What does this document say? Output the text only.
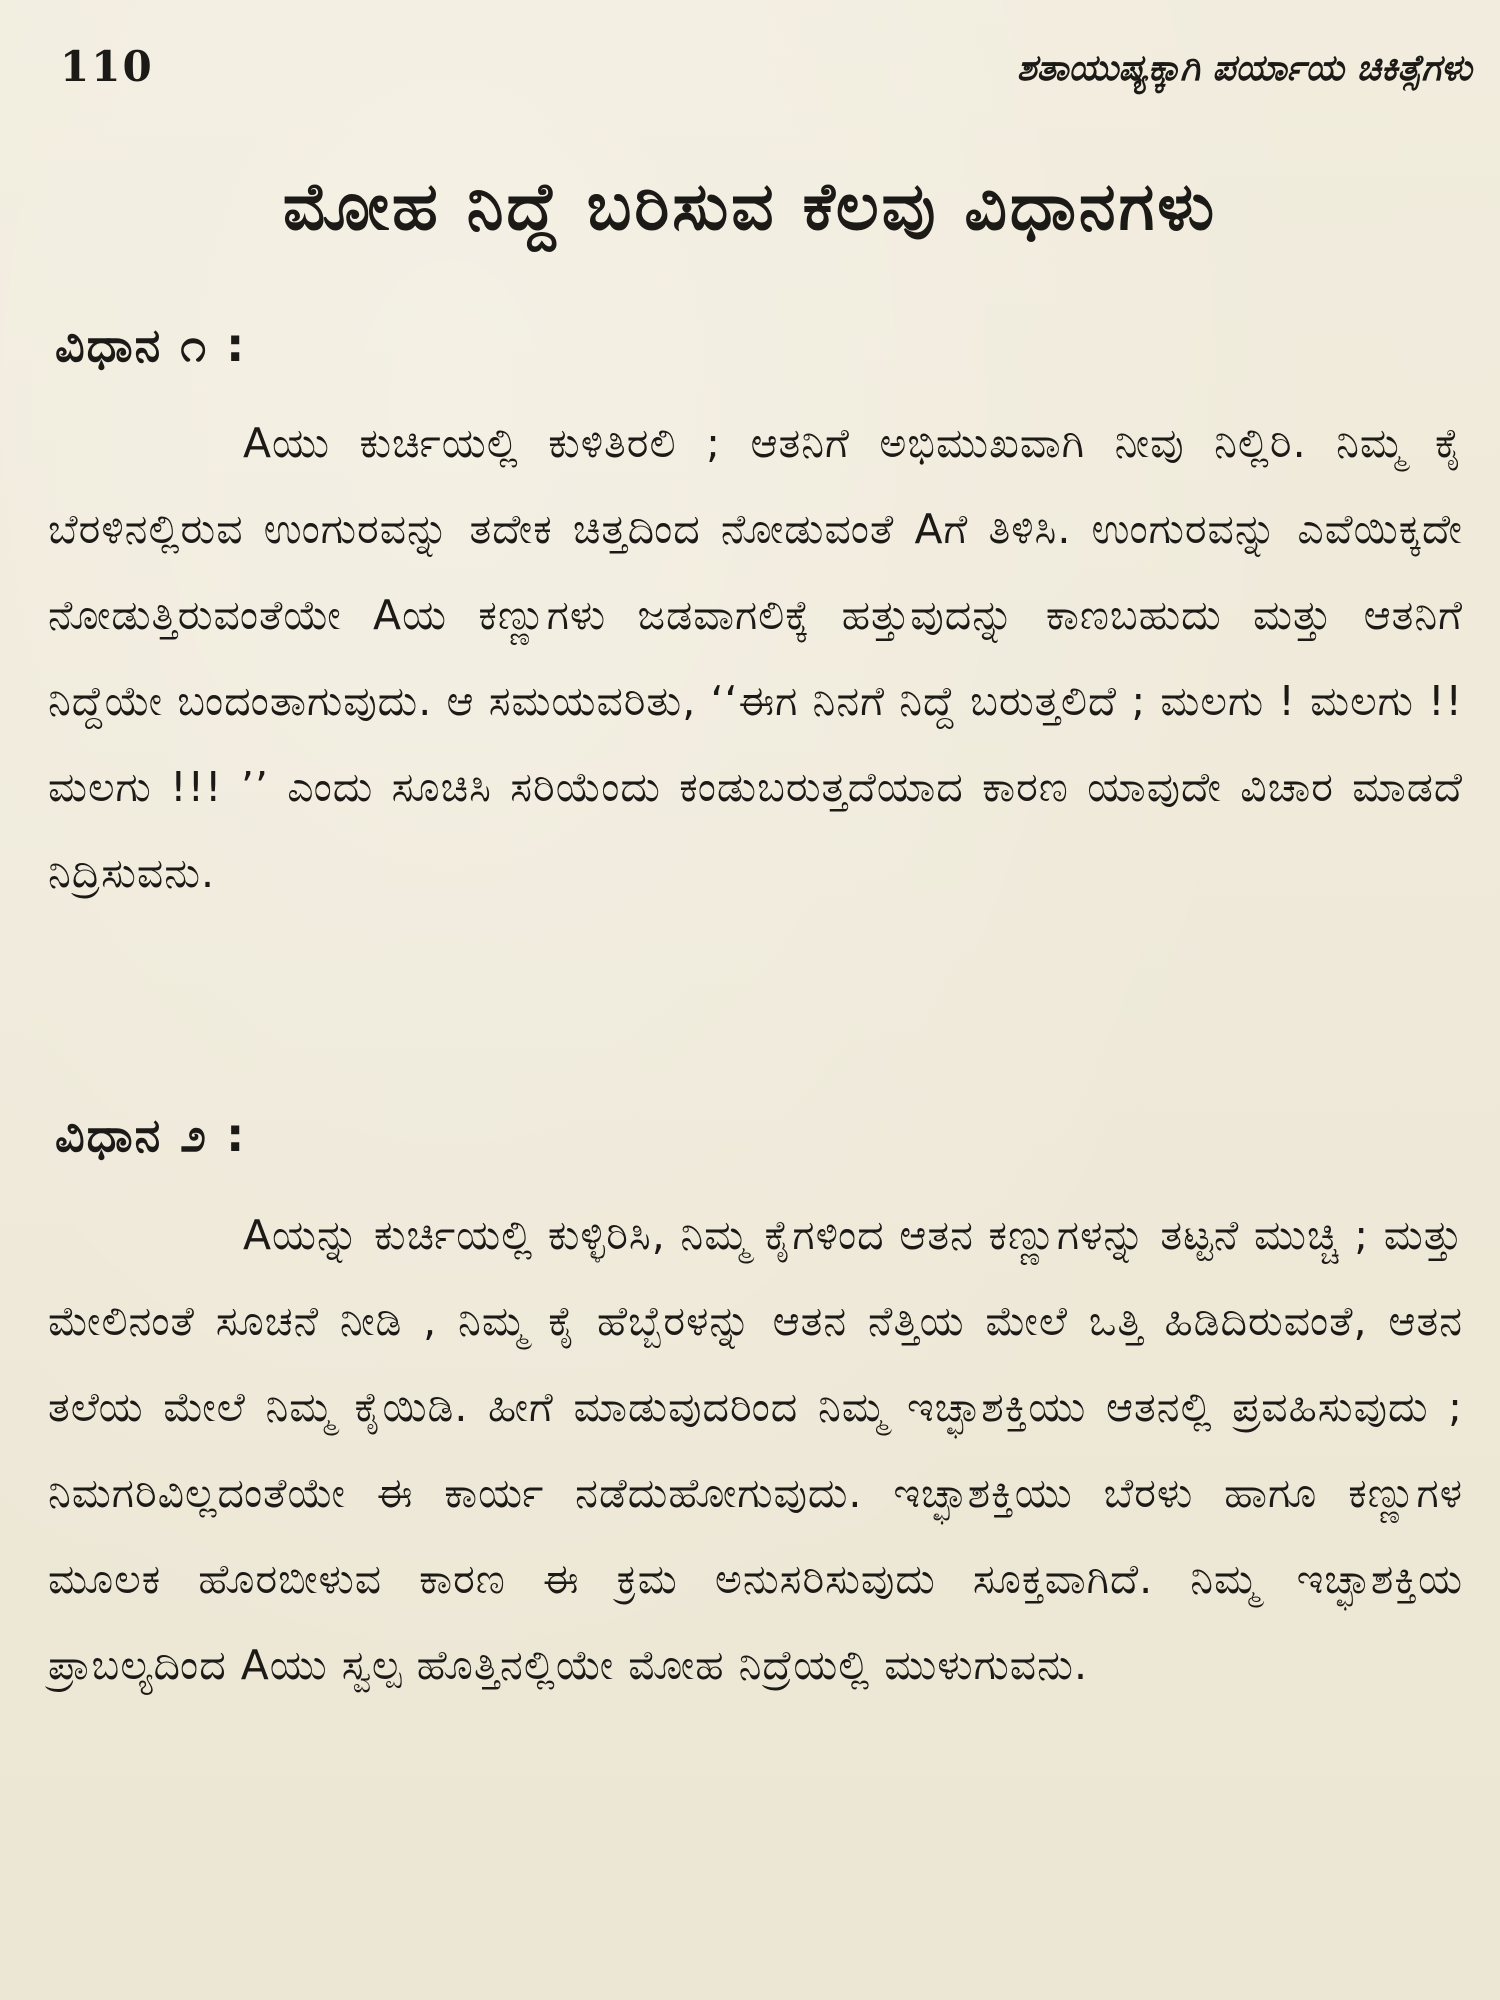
110	ಶತಾಯುಷ್ಯಕ್ಕಾಗಿ ಪರ್ಯಾಯ ಚಿಕಿತ್ಸೆಗಳು
ಮೋಹ ನಿದ್ದೆ ಬರಿಸುವ ಕೆಲವು ವಿಧಾನಗಳು
ವಿಧಾನ ೧ :

Aಯು ಕುರ್ಚಿಯಲ್ಲಿ ಕುಳಿತಿರಲಿ ; ಆತನಿಗೆ ಅಭಿಮುಖವಾಗಿ ನೀವು ನಿಲ್ಲಿರಿ. ನಿಮ್ಮ ಕೈ ಬೆರಳಿನಲ್ಲಿರುವ ಉಂಗುರವನ್ನು ತದೇಕ ಚಿತ್ತದಿಂದ ನೋಡುವಂತೆ Aಗೆ ತಿಳಿಸಿ. ಉಂಗುರವನ್ನು ಎವೆಯಿಕ್ಕದೇ ನೋಡುತ್ತಿರುವಂತೆಯೇ Aಯ ಕಣ್ಣುಗಳು ಜಡವಾಗಲಿಕ್ಕೆ ಹತ್ತುವುದನ್ನು ಕಾಣಬಹುದು ಮತ್ತು ಆತನಿಗೆ ನಿದ್ದೆಯೇ ಬಂದಂತಾಗುವುದು. ಆ ಸಮಯವರಿತು, ‘‘ಈಗ ನಿನಗೆ ನಿದ್ದೆ ಬರುತ್ತಲಿದೆ ; ಮಲಗು ! ಮಲಗು !! ಮಲಗು !!! ’’ ಎಂದು ಸೂಚಿಸಿ ಸರಿಯೆಂದು ಕಂಡುಬರುತ್ತದೆಯಾದ ಕಾರಣ ಯಾವುದೇ ವಿಚಾರ ಮಾಡದೆ ನಿದ್ರಿಸುವನು.

ವಿಧಾನ ೨ :

Aಯನ್ನು ಕುರ್ಚಿಯಲ್ಲಿ ಕುಳ್ಳಿರಿಸಿ, ನಿಮ್ಮ ಕೈಗಳಿಂದ ಆತನ ಕಣ್ಣುಗಳನ್ನು ತಟ್ಟನೆ ಮುಚ್ಚಿ ; ಮತ್ತು ಮೇಲಿನಂತೆ ಸೂಚನೆ ನೀಡಿ , ನಿಮ್ಮ ಕೈ ಹೆಬ್ಬೆರಳನ್ನು ಆತನ ನೆತ್ತಿಯ ಮೇಲೆ ಒತ್ತಿ ಹಿಡಿದಿರುವಂತೆ, ಆತನ ತಲೆಯ ಮೇಲೆ ನಿಮ್ಮ ಕೈಯಿಡಿ. ಹೀಗೆ ಮಾಡುವುದರಿಂದ ನಿಮ್ಮ ಇಚ್ಛಾಶಕ್ತಿಯು ಆತನಲ್ಲಿ ಪ್ರವಹಿಸುವುದು ; ನಿಮಗರಿವಿಲ್ಲದಂತೆಯೇ ಈ ಕಾರ್ಯ ನಡೆದುಹೋಗುವುದು. ಇಚ್ಛಾಶಕ್ತಿಯು ಬೆರಳು ಹಾಗೂ ಕಣ್ಣುಗಳ ಮೂಲಕ ಹೊರಬೀಳುವ ಕಾರಣ ಈ ಕ್ರಮ ಅನುಸರಿಸುವುದು ಸೂಕ್ತವಾಗಿದೆ. ನಿಮ್ಮ ಇಚ್ಛಾಶಕ್ತಿಯ ಪ್ರಾಬಲ್ಯದಿಂದ Aಯು ಸ್ವಲ್ಪ ಹೊತ್ತಿನಲ್ಲಿಯೇ ಮೋಹ ನಿದ್ರೆಯಲ್ಲಿ ಮುಳುಗುವನು.
